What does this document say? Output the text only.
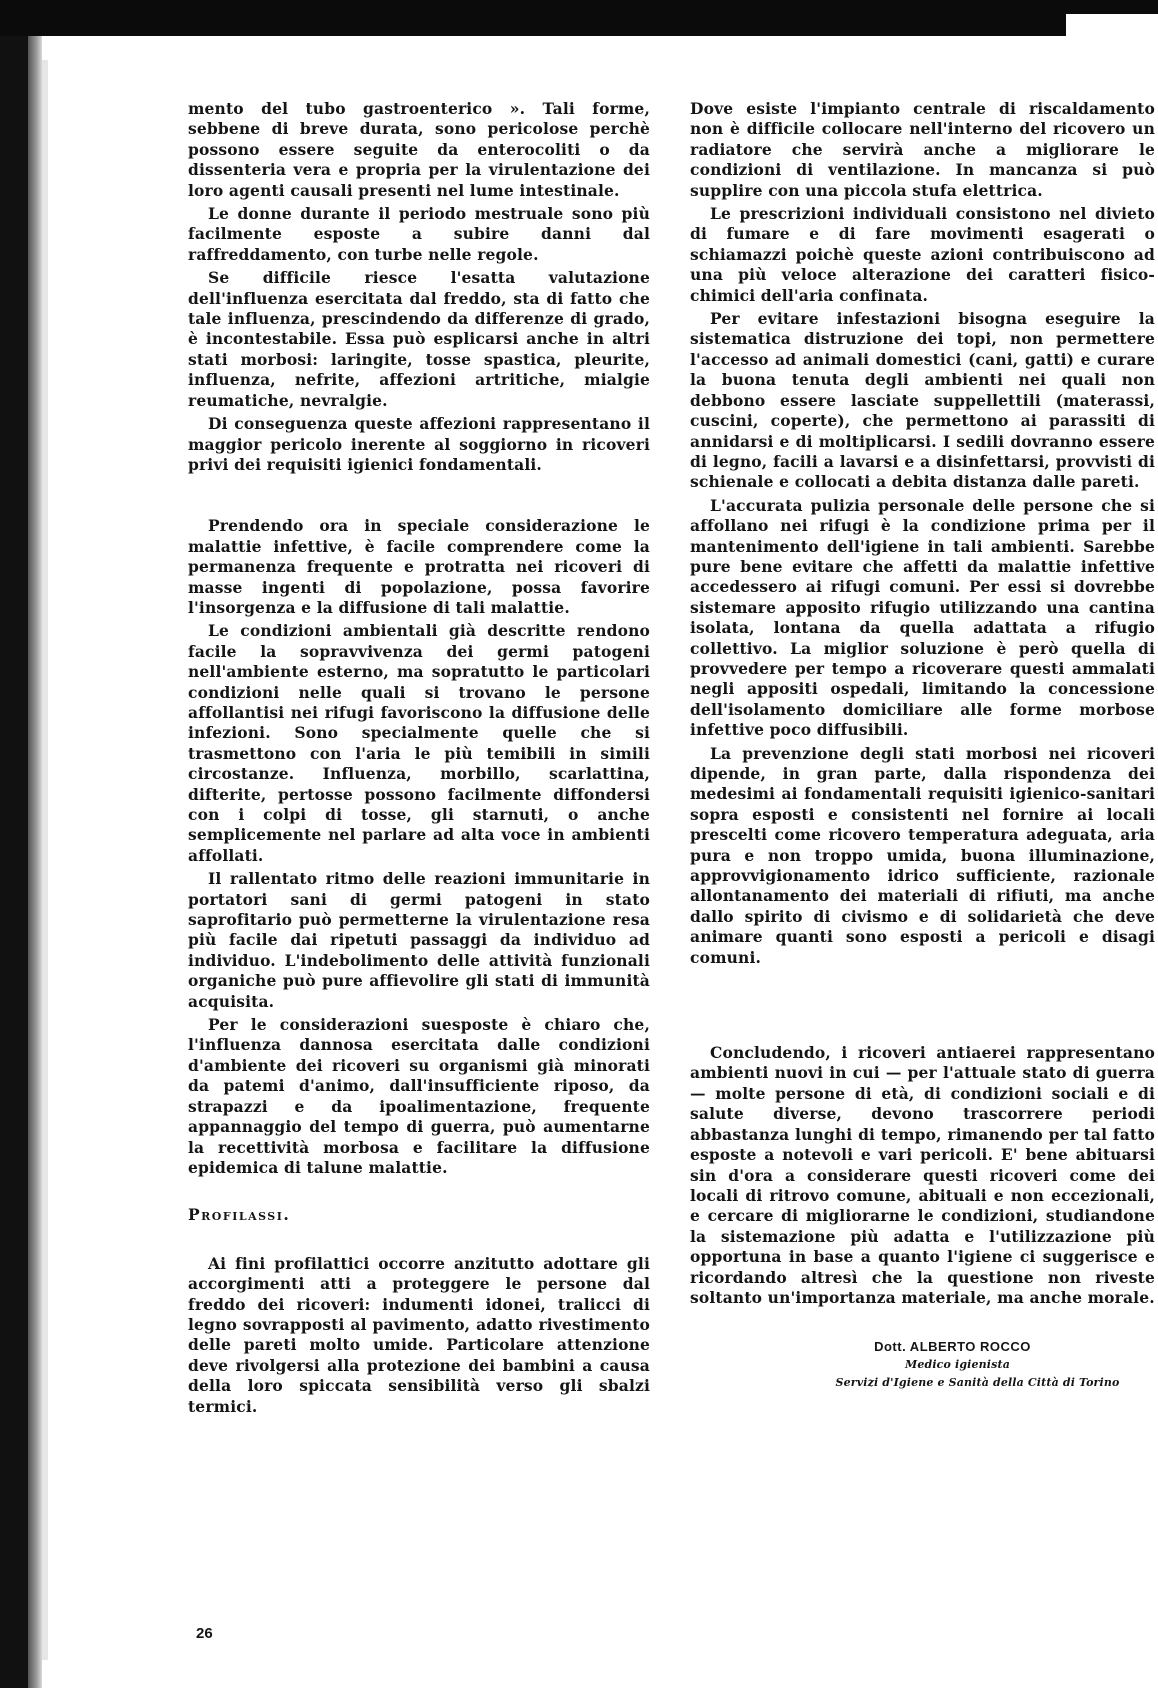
mento del tubo gastroenterico ». Tali forme, sebbene di breve durata, sono pericolose perchè possono essere seguite da enterocoliti o da dissenteria vera e propria per la virulentazione dei loro agenti causali presenti nel lume intestinale.

Le donne durante il periodo mestruale sono più facilmente esposte a subire danni dal raffreddamento, con turbe nelle regole.

Se difficile riesce l'esatta valutazione dell'influenza esercitata dal freddo, sta di fatto che tale influenza, prescindendo da differenze di grado, è incontestabile. Essa può esplicarsi anche in altri stati morbosi: laringite, tosse spastica, pleurite, influenza, nefrite, affezioni artritiche, mialgie reumatiche, nevralgie.

Di conseguenza queste affezioni rappresentano il maggior pericolo inerente al soggiorno in ricoveri privi dei requisiti igienici fondamentali.

Prendendo ora in speciale considerazione le malattie infettive, è facile comprendere come la permanenza frequente e protratta nei ricoveri di masse ingenti di popolazione, possa favorire l'insorgenza e la diffusione di tali malattie.

Le condizioni ambientali già descritte rendono facile la sopravvivenza dei germi patogeni nell'ambiente esterno, ma sopratutto le particolari condizioni nelle quali si trovano le persone affollantisi nei rifugi favoriscono la diffusione delle infezioni. Sono specialmente quelle che si trasmettono con l'aria le più temibili in simili circostanze. Influenza, morbillo, scarlattina, difterite, pertosse possono facilmente diffondersi con i colpi di tosse, gli starnuti, o anche semplicemente nel parlare ad alta voce in ambienti affollati.

Il rallentato ritmo delle reazioni immunitarie in portatori sani di germi patogeni in stato saprofitario può permetterne la virulentazione resa più facile dai ripetuti passaggi da individuo ad individuo. L'indebolimento delle attività funzionali organiche può pure affievolire gli stati di immunità acquisita.

Per le considerazioni suesposte è chiaro che, l'influenza dannosa esercitata dalle condizioni d'ambiente dei ricoveri su organismi già minorati da patemi d'animo, dall'insufficiente riposo, da strapazzi e da ipoalimentazione, frequente appannaggio del tempo di guerra, può aumentarne la recettività morbosa e facilitare la diffusione epidemica di talune malattie.

Profilassi.

Ai fini profilattici occorre anzitutto adottare gli accorgimenti atti a proteggere le persone dal freddo dei ricoveri: indumenti idonei, tralicci di legno sovrapposti al pavimento, adatto rivestimento delle pareti molto umide. Particolare attenzione deve rivolgersi alla protezione dei bambini a causa della loro spiccata sensibilità verso gli sbalzi termici.

Dove esiste l'impianto centrale di riscaldamento non è difficile collocare nell'interno del ricovero un radiatore che servirà anche a migliorare le condizioni di ventilazione. In mancanza si può supplire con una piccola stufa elettrica.

Le prescrizioni individuali consistono nel divieto di fumare e di fare movimenti esagerati o schiamazzi poichè queste azioni contribuiscono ad una più veloce alterazione dei caratteri fisico-chimici dell'aria confinata.

Per evitare infestazioni bisogna eseguire la sistematica distruzione dei topi, non permettere l'accesso ad animali domestici (cani, gatti) e curare la buona tenuta degli ambienti nei quali non debbono essere lasciate suppellettili (materassi, cuscini, coperte), che permettono ai parassiti di annidarsi e di moltiplicarsi. I sedili dovranno essere di legno, facili a lavarsi e a disinfettarsi, provvisti di schienale e collocati a debita distanza dalle pareti.

L'accurata pulizia personale delle persone che si affollano nei rifugi è la condizione prima per il mantenimento dell'igiene in tali ambienti. Sarebbe pure bene evitare che affetti da malattie infettive accedessero ai rifugi comuni. Per essi si dovrebbe sistemare apposito rifugio utilizzando una cantina isolata, lontana da quella adattata a rifugio collettivo. La miglior soluzione è però quella di provvedere per tempo a ricoverare questi ammalati negli appositi ospedali, limitando la concessione dell'isolamento domiciliare alle forme morbose infettive poco diffusibili.

La prevenzione degli stati morbosi nei ricoveri dipende, in gran parte, dalla rispondenza dei medesimi ai fondamentali requisiti igienico-sanitari sopra esposti e consistenti nel fornire ai locali prescelti come ricovero temperatura adeguata, aria pura e non troppo umida, buona illuminazione, approvvigionamento idrico sufficiente, razionale allontanamento dei materiali di rifiuti, ma anche dallo spirito di civismo e di solidarietà che deve animare quanti sono esposti a pericoli e disagi comuni.

Concludendo, i ricoveri antiaerei rappresentano ambienti nuovi in cui — per l'attuale stato di guerra — molte persone di età, di condizioni sociali e di salute diverse, devono trascorrere periodi abbastanza lunghi di tempo, rimanendo per tal fatto esposte a notevoli e vari pericoli. E' bene abituarsi sin d'ora a considerare questi ricoveri come dei locali di ritrovo comune, abituali e non eccezionali, e cercare di migliorarne le condizioni, studiandone la sistemazione più adatta e l'utilizzazione più opportuna in base a quanto l'igiene ci suggerisce e ricordando altresì che la questione non riveste soltanto un'importanza materiale, ma anche morale.

Dott. ALBERTO ROCCO
Medico igienista
Servizi d'Igiene e Sanità della Città di Torino
26
